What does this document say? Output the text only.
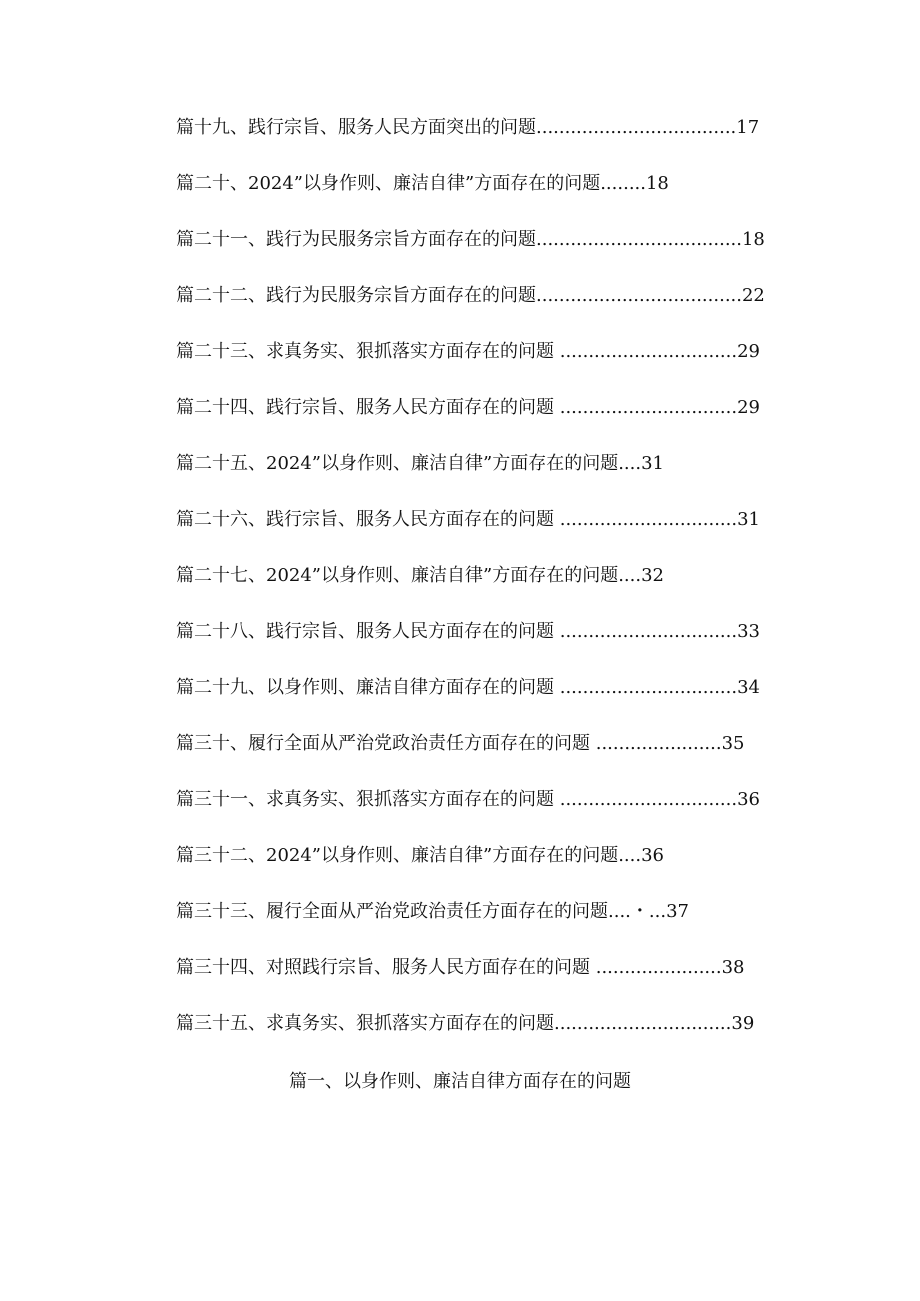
篇十九、践行宗旨、服务人民方面突出的问题...................................17
篇二十、2024”以身作则、廉洁自律”方面存在的问题........18
篇二十一、践行为民服务宗旨方面存在的问题....................................18
篇二十二、践行为民服务宗旨方面存在的问题....................................22
篇二十三、求真务实、狠抓落实方面存在的问题 ...............................29
篇二十四、践行宗旨、服务人民方面存在的问题 ...............................29
篇二十五、2024”以身作则、廉洁自律”方面存在的问题....31
篇二十六、践行宗旨、服务人民方面存在的问题 ...............................31
篇二十七、2024”以身作则、廉洁自律”方面存在的问题....32
篇二十八、践行宗旨、服务人民方面存在的问题 ...............................33
篇二十九、以身作则、廉洁自律方面存在的问题 ...............................34
篇三十、履行全面从严治党政治责任方面存在的问题 ......................35
篇三十一、求真务实、狠抓落实方面存在的问题 ...............................36
篇三十二、2024”以身作则、廉洁自律”方面存在的问题....36
篇三十三、履行全面从严治党政治责任方面存在的问题....・...37
篇三十四、对照践行宗旨、服务人民方面存在的问题 ......................38
篇三十五、求真务实、狠抓落实方面存在的问题...............................39
篇一、以身作则、廉洁自律方面存在的问题
